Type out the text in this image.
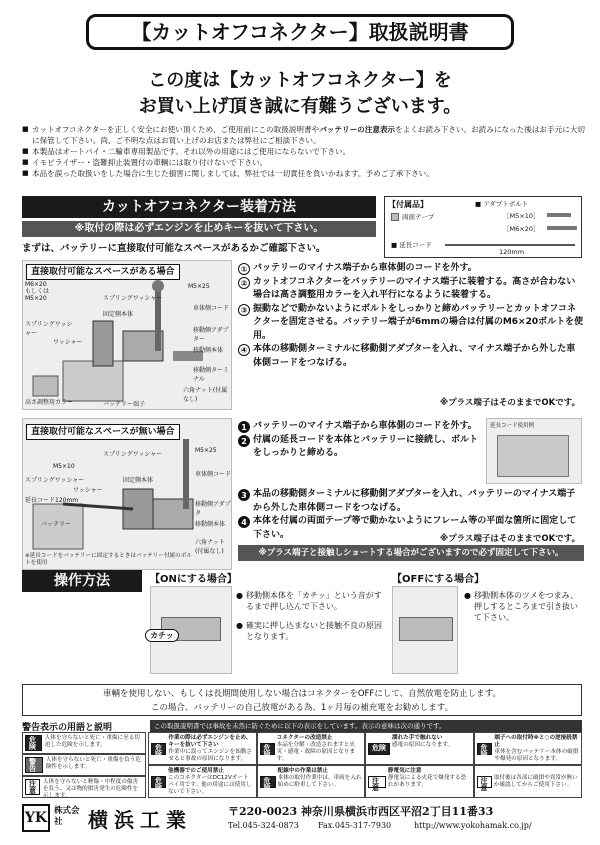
【カットオフコネクター】取扱説明書
この度は【カットオフコネクター】を
お買い上げ頂き誠に有難うございます。
■ カットオフコネクターを正しく安全にお使い頂くため、ご使用前にこの取扱説明書やバッテリーの注意表示をよくお読み下さい。お読みになった後はお手元に大切に保管して下さい。尚、ご不明な点はお買い上げのお店または弊社にご相談下さい。
■ 本製品はオートバイ・二輪車専用製品です。それ以外の用途にはご使用にならないで下さい。
■ イモビライザー・盗難抑止装置付の車輌には取り付けないで下さい。
■ 本品を誤った取扱いをした場合に生じた損害に関しましては、弊社では一切責任を負いかねます。予めご了承下さい。
カットオフコネクター装着方法
※取付の際は必ずエンジンを止めキーを抜いて下さい。
まずは、バッテリーに直接取付可能なスペースがあるかご確認下さい。
【付属品】
両面テープ
■ アダプトボルト
［M5×10］
［M6×20］
■ 延長コード
120mm
M6×20
もしくは
M5×20	スプリングワッシャー
M5×25
スプリングワッシャー
ワッシャー
固定側本体
車体側コード
移動側アダプター
移動側本体
移動側ターミナル
高さ調整用カラー
六角ナット(付属なし)
バッテリー端子
直接取付可能なスペースがある場合	① バッテリーのマイナス端子から車体側のコードを外す。
② カットオフコネクターをバッテリーのマイナス端子に装着する。高さが合わない場合は高さ調整用カラーを入れ平行になるように装着する。
③ 振動などで動かないようにボルトをしっかりと締めバッテリーとカットオフコネクターを固定させる。バッテリー端子が6mmの場合は付属のM6×20ボルトを使用。
④ 本体の移動側ターミナルに移動側アダプターを入れ、マイナス端子から外した車体側コードをつなげる。
※プラス端子はそのままでOKです。
スプリングワッシャー
M5×10
M5×25
スプリングワッシャー
ワッシャー
固定側本体
車体側コード
延長コード120mm
移動側アダプタ
移動側本体
六角ナット(付属なし)
バッテリー
※延長コードをバッテリーに固定するときはバッテリー付属のボルトを使用
直接取付可能なスペースが無い場合	1 バッテリーのマイナス端子から車体側のコードを外す。
2 付属の延長コードを本体とバッテリーに接続し、ボルトをしっかりと締める。
延長コード使用例
3 本品の移動側ターミナルに移動側アダプターを入れ、バッテリーのマイナス端子から外した車体側コードをつなげる。
4 本体を付属の両面テープ等で動かないようにフレーム等の平面な箇所に固定して下さい。	※プラス端子はそのままでOKです。
※プラス端子と接触しショートする場合がございますので必ず固定して下さい。
操作方法	【ONにする場合】	【OFFにする場合】
カチッ
● 移動側本体を「カチッ」という音がするまで押し込んで下さい。
● 確実に押し込まないと接触不良の原因となります。
● 移動側本体のツメをつまみ、押しするところまで引き抜いて下さい。
車輌を使用しない、もしくは長期間使用しない場合はコネクターをOFFにして、自然放電を防止します。
この場合、バッテリーの自己放電がある為、1ヶ月毎の補充電をお勧めします。
警告表示の用語と説明	この取扱説明書では事故を未然に防ぐために以下の表示をしています。表示の意味は次の通りです。
危険
人体を守らないと死亡・重傷に至る切迫した危険を示します。
警告
人体を守らないと死亡・重傷を負う危険性を示します。
注意
人体を守らないと軽傷・中程度の傷害を負う、又は物的損害発生の危険性を示します。
危険
作業の際は必ずエンジンを止め、キーを抜いて下さい
作業中に誤ってエンジンを始動させると事故の原因になります。
危険
コネクターの改造禁止
本品を分解・改造されますと火災・感電・故障の原因となります。
危険
濡れた手で触れない
感電の原因になります。	危険
端子への取付時※と○の逆接続禁止
車体を含むバッテリー本体の破損や爆発の原因となります。
危険
他機器でのご使用禁止
このコネクターはDC12Vオートバイ用です。他の用途には使用しないで下さい。
危険
配線中の作業は禁止
本体の取付作業中は、車両を入れ始めに駐車して下さい。
注意
静電気に注意
静電気による火花で爆発する恐れがあります。
注意

取付後は各部に破損や異常が無いか確認してからご使用下さい。
YK 株式会社	横浜工業	〒220-0023 神奈川県横浜市西区平沼2丁目11番33
Tel.045-324-0873 Fax.045-317-7930	http://www.yokohamak.co.jp/
